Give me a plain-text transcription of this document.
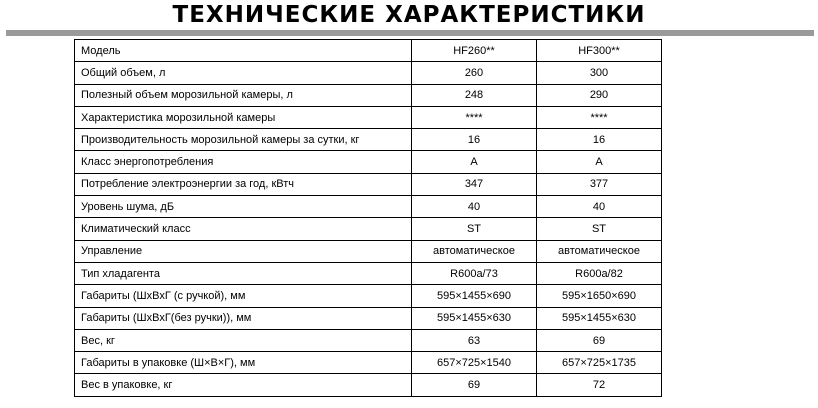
ТЕХНИЧЕСКИЕ ХАРАКТЕРИСТИКИ
Модель	HF260**	HF300**
Общий объем, л	260	300
Полезный объем морозильной камеры, л	248	290
Характеристика морозильной камеры	****	****
Производительность морозильной камеры за сутки, кг	16	16
Класс энергопотребления	A	A
Потребление электроэнергии за год, кВтч	347	377
Уровень шума, дБ	40	40
Климатический класс	ST	ST
Управление	автоматическое	автоматическое
Тип хладагента	R600a/73	R600a/82
Габариты (ШхВхГ (с ручкой), мм	595×1455×690	595×1650×690
Габариты (ШхВхГ(без ручки)), мм	595×1455×630	595×1455×630
Вес, кг	63	69
Габариты в упаковке (Ш×В×Г), мм	657×725×1540	657×725×1735
Вес в упаковке, кг	69	72
